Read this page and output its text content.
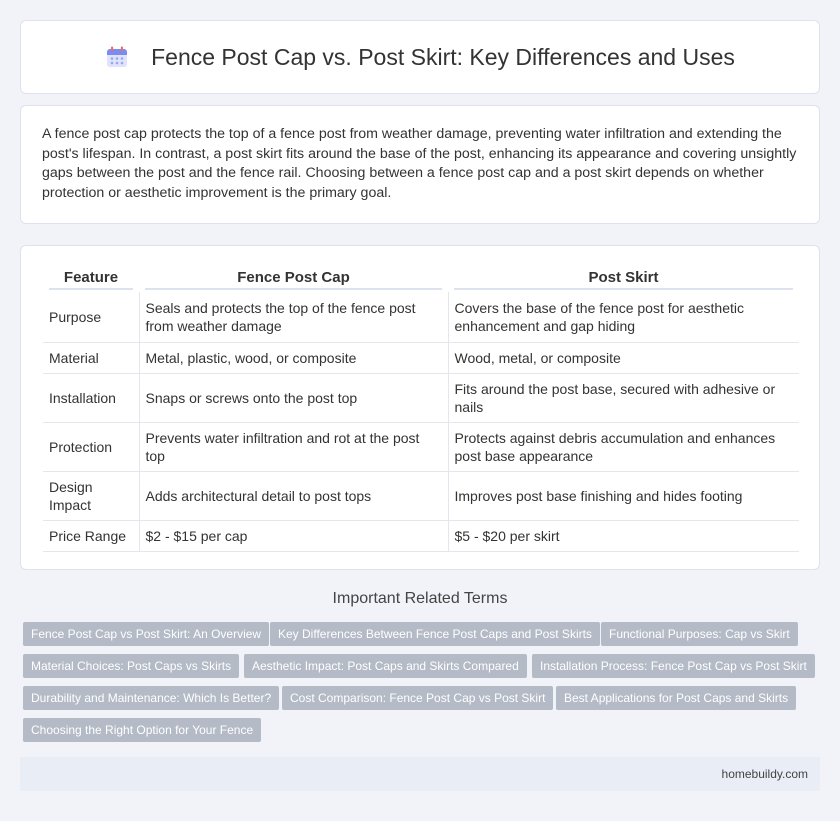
Fence Post Cap vs. Post Skirt: Key Differences and Uses

A fence post cap protects the top of a fence post from weather damage, preventing water infiltration and extending the post's lifespan. In contrast, a post skirt fits around the base of the post, enhancing its appearance and covering unsightly gaps between the post and the fence rail. Choosing between a fence post cap and a post skirt depends on whether protection or aesthetic improvement is the primary goal.

Feature	Fence Post Cap	Post Skirt

Purpose	Seals and protects the top of the fence post from weather damage	Covers the base of the fence post for aesthetic enhancement and gap hiding
Material	Metal, plastic, wood, or composite	Wood, metal, or composite
Installation	Snaps or screws onto the post top	Fits around the post base, secured with adhesive or nails
Protection	Prevents water infiltration and rot at the post top	Protects against debris accumulation and enhances post base appearance
Design Impact	Adds architectural detail to post tops	Improves post base finishing and hides footing
Price Range	$2 - $15 per cap	$5 - $20 per skirt
Important Related Terms
Fence Post Cap vs Post Skirt: An Overview	Key Differences Between Fence Post Caps and Post Skirts	Functional Purposes: Cap vs Skirt
Material Choices: Post Caps vs Skirts	Aesthetic Impact: Post Caps and Skirts Compared	Installation Process: Fence Post Cap vs Post Skirt
Durability and Maintenance: Which Is Better?	Cost Comparison: Fence Post Cap vs Post Skirt	Best Applications for Post Caps and Skirts
Choosing the Right Option for Your Fence
homebuildy.com
